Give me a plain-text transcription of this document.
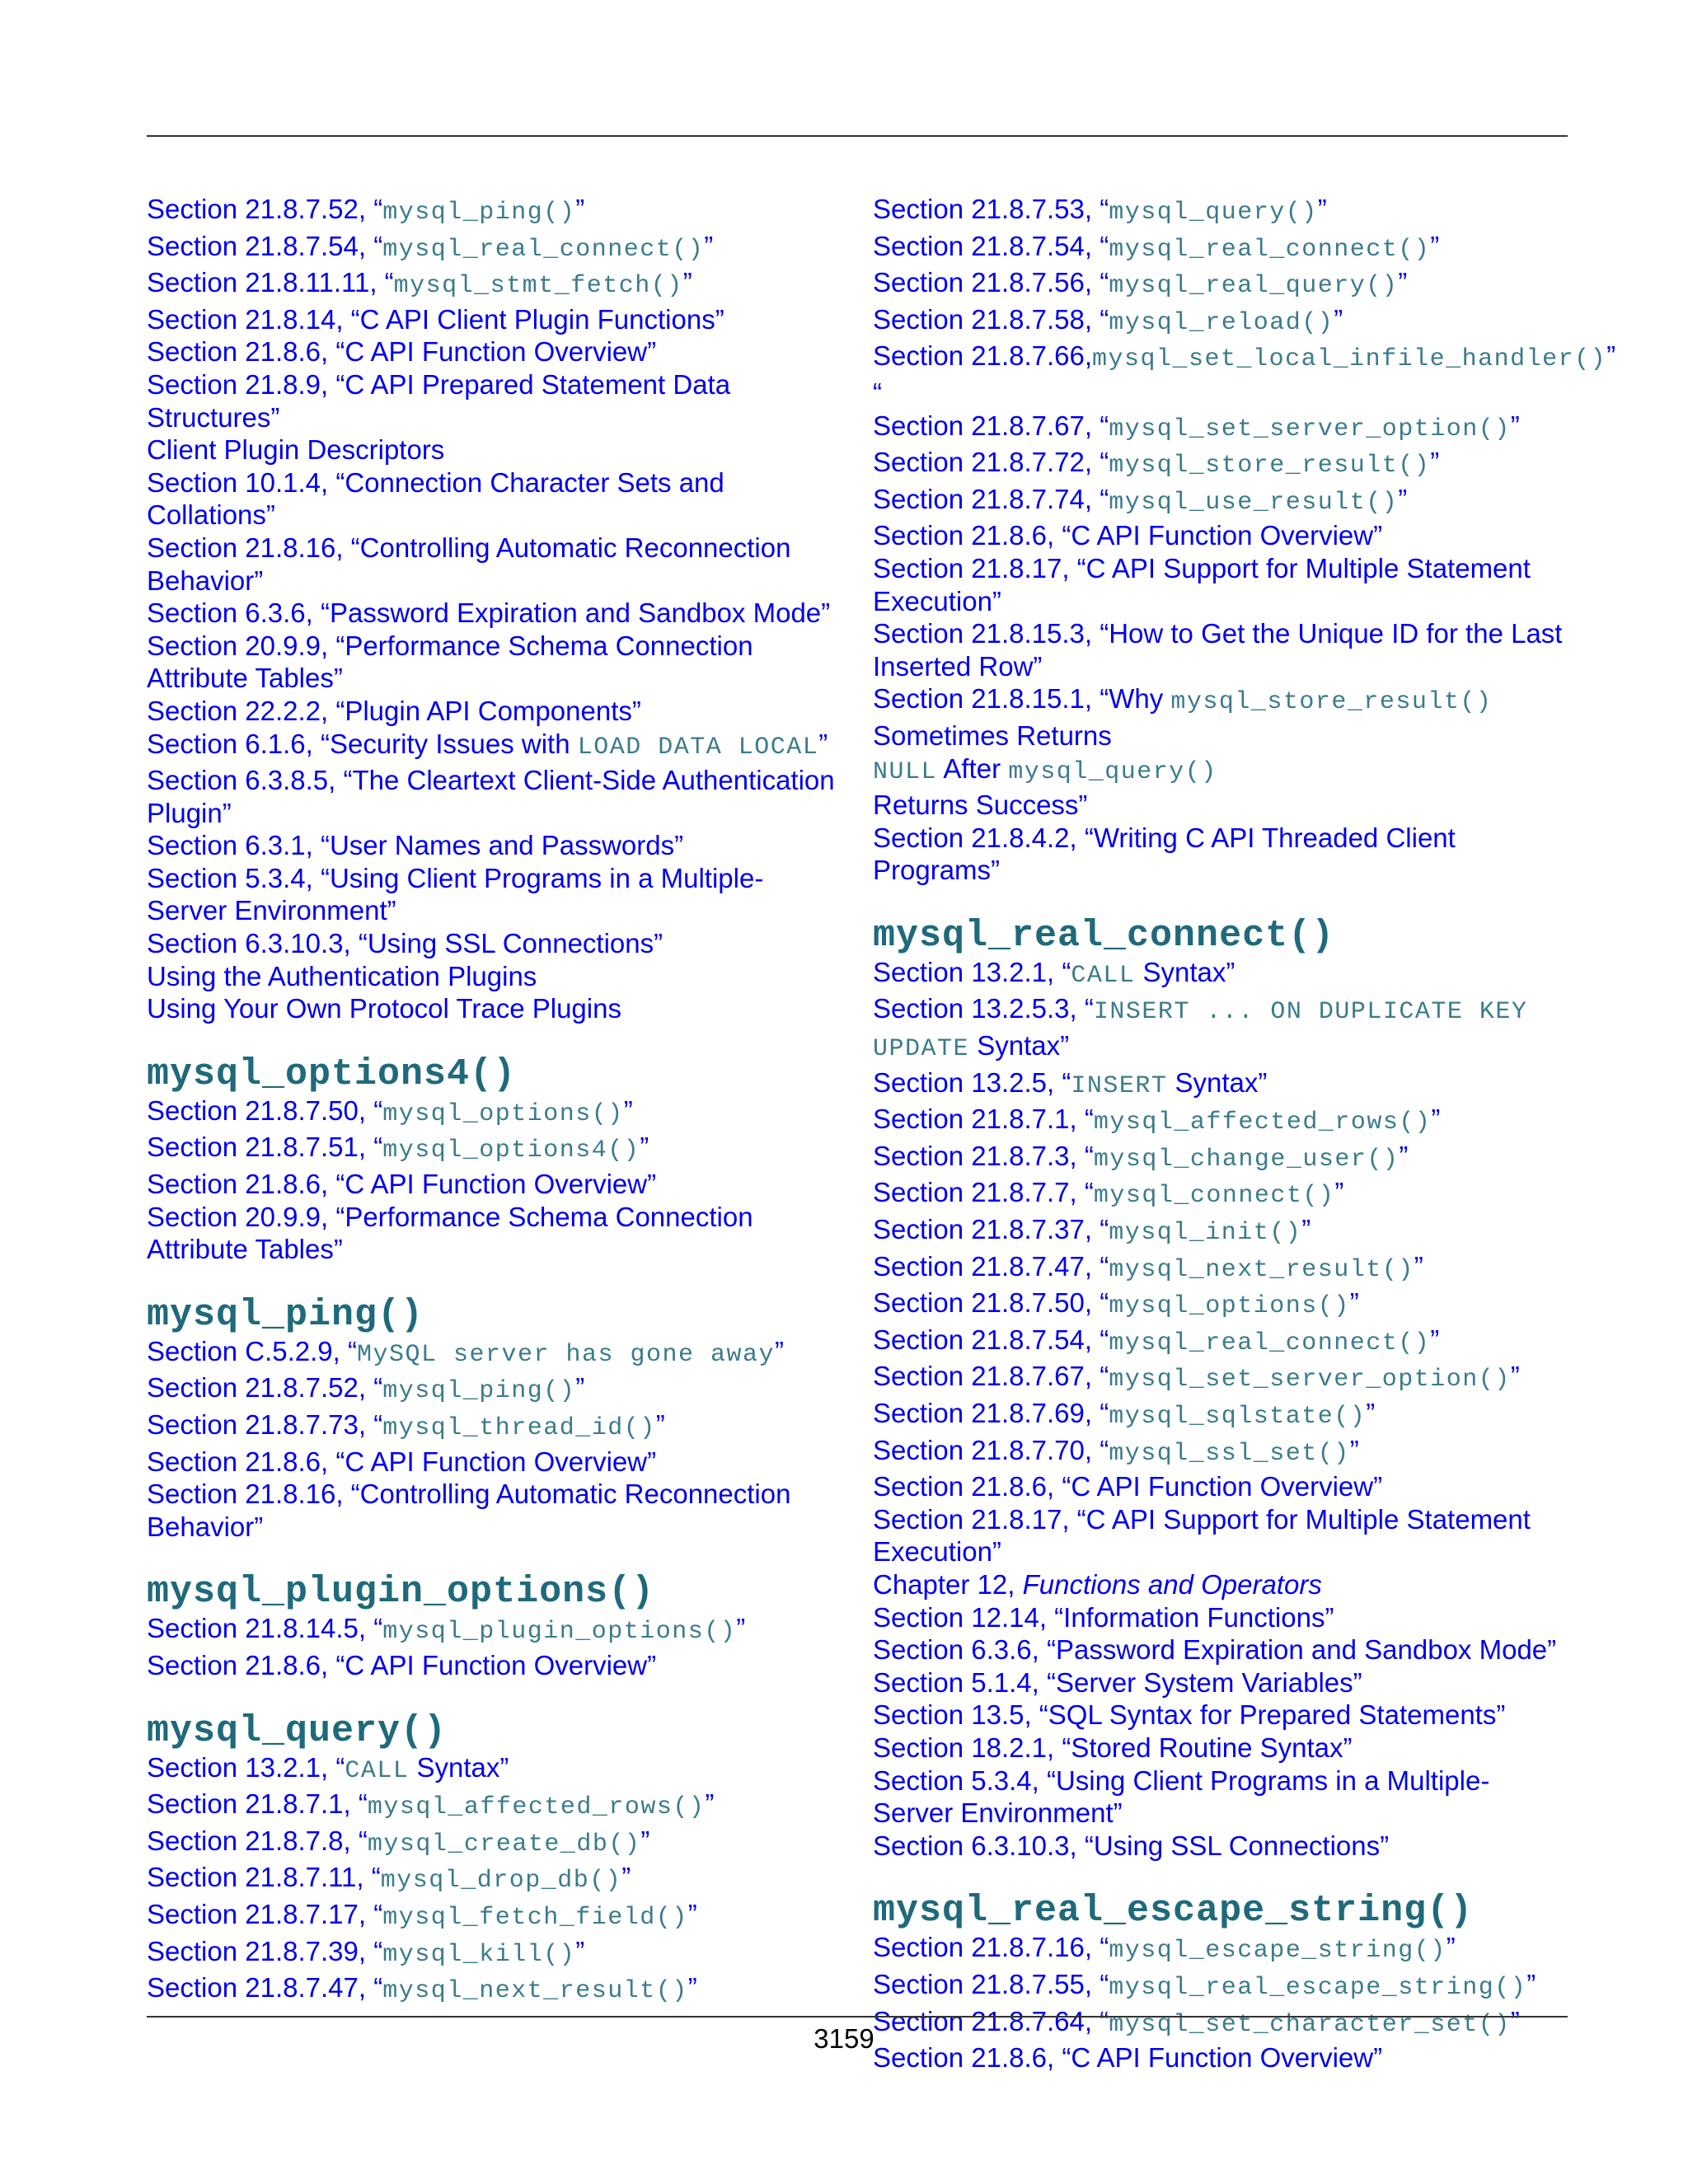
Section 21.8.7.52, “mysql_ping()”
Section 21.8.7.54, “mysql_real_connect()”
Section 21.8.11.11, “mysql_stmt_fetch()”
Section 21.8.14, “C API Client Plugin Functions”
Section 21.8.6, “C API Function Overview”
Section 21.8.9, “C API Prepared Statement Data
Structures”
Client Plugin Descriptors
Section 10.1.4, “Connection Character Sets and
Collations”
Section 21.8.16, “Controlling Automatic Reconnection
Behavior”
Section 6.3.6, “Password Expiration and Sandbox Mode”
Section 20.9.9, “Performance Schema Connection
Attribute Tables”
Section 22.2.2, “Plugin API Components”
Section 6.1.6, “Security Issues with LOAD DATA LOCAL”
Section 6.3.8.5, “The Cleartext Client-Side Authentication
Plugin”
Section 6.3.1, “User Names and Passwords”
Section 5.3.4, “Using Client Programs in a Multiple-
Server Environment”
Section 6.3.10.3, “Using SSL Connections”
Using the Authentication Plugins
Using Your Own Protocol Trace Plugins
mysql_options4()
Section 21.8.7.50, “mysql_options()”
Section 21.8.7.51, “mysql_options4()”
Section 21.8.6, “C API Function Overview”
Section 20.9.9, “Performance Schema Connection
Attribute Tables”
mysql_ping()
Section C.5.2.9, “MySQL server has gone away”
Section 21.8.7.52, “mysql_ping()”
Section 21.8.7.73, “mysql_thread_id()”
Section 21.8.6, “C API Function Overview”
Section 21.8.16, “Controlling Automatic Reconnection
Behavior”
mysql_plugin_options()
Section 21.8.14.5, “mysql_plugin_options()”
Section 21.8.6, “C API Function Overview”
mysql_query()
Section 13.2.1, “CALL Syntax”
Section 21.8.7.1, “mysql_affected_rows()”
Section 21.8.7.8, “mysql_create_db()”
Section 21.8.7.11, “mysql_drop_db()”
Section 21.8.7.17, “mysql_fetch_field()”
Section 21.8.7.39, “mysql_kill()”
Section 21.8.7.47, “mysql_next_result()”
Section 21.8.7.53, “mysql_query()”
Section 21.8.7.54, “mysql_real_connect()”
Section 21.8.7.56, “mysql_real_query()”
Section 21.8.7.58, “mysql_reload()”
Section 21.8.7.66,mysql_set_local_infile_handler()”
“
Section 21.8.7.67, “mysql_set_server_option()”
Section 21.8.7.72, “mysql_store_result()”
Section 21.8.7.74, “mysql_use_result()”
Section 21.8.6, “C API Function Overview”
Section 21.8.17, “C API Support for Multiple Statement
Execution”
Section 21.8.15.3, “How to Get the Unique ID for the Last
Inserted Row”
Section 21.8.15.1, “Why mysql_store_result()
Sometimes Returns
NULL After mysql_query()
Returns Success”
Section 21.8.4.2, “Writing C API Threaded Client
Programs”
mysql_real_connect()
Section 13.2.1, “CALL Syntax”
Section 13.2.5.3, “INSERT ... ON DUPLICATE KEY
UPDATE Syntax”
Section 13.2.5, “INSERT Syntax”
Section 21.8.7.1, “mysql_affected_rows()”
Section 21.8.7.3, “mysql_change_user()”
Section 21.8.7.7, “mysql_connect()”
Section 21.8.7.37, “mysql_init()”
Section 21.8.7.47, “mysql_next_result()”
Section 21.8.7.50, “mysql_options()”
Section 21.8.7.54, “mysql_real_connect()”
Section 21.8.7.67, “mysql_set_server_option()”
Section 21.8.7.69, “mysql_sqlstate()”
Section 21.8.7.70, “mysql_ssl_set()”
Section 21.8.6, “C API Function Overview”
Section 21.8.17, “C API Support for Multiple Statement
Execution”
Chapter 12, Functions and Operators
Section 12.14, “Information Functions”
Section 6.3.6, “Password Expiration and Sandbox Mode”
Section 5.1.4, “Server System Variables”
Section 13.5, “SQL Syntax for Prepared Statements”
Section 18.2.1, “Stored Routine Syntax”
Section 5.3.4, “Using Client Programs in a Multiple-
Server Environment”
Section 6.3.10.3, “Using SSL Connections”
mysql_real_escape_string()
Section 21.8.7.16, “mysql_escape_string()”
Section 21.8.7.55, “mysql_real_escape_string()”
Section 21.8.7.64, “mysql_set_character_set()”
Section 21.8.6, “C API Function Overview”
3159
